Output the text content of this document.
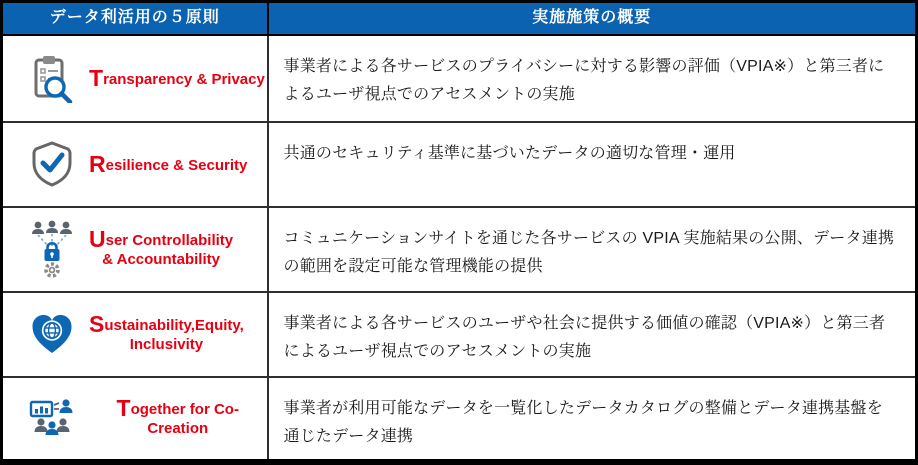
データ利活用の５原則	実施施策の概要

Transparency & Privacy	事業者による各サービスのプライバシーに対する影響の評価（VPIA※）と第三者によるユーザ視点でのアセスメントの実施

Resilience & Security	共通のセキュリティ基準に基づいたデータの適切な管理・運用

User Controllability
& Accountability	コミュニケーションサイトを通じた各サービスの VPIA 実施結果の公開、データ連携の範囲を設定可能な管理機能の提供

Sustainability,Equity,
Inclusivity	事業者による各サービスのユーザや社会に提供する価値の確認（VPIA※）と第三者によるユーザ視点でのアセスメントの実施

Together for Co-Creation	事業者が利用可能なデータを一覧化したデータカタログの整備とデータ連携基盤を通じたデータ連携
